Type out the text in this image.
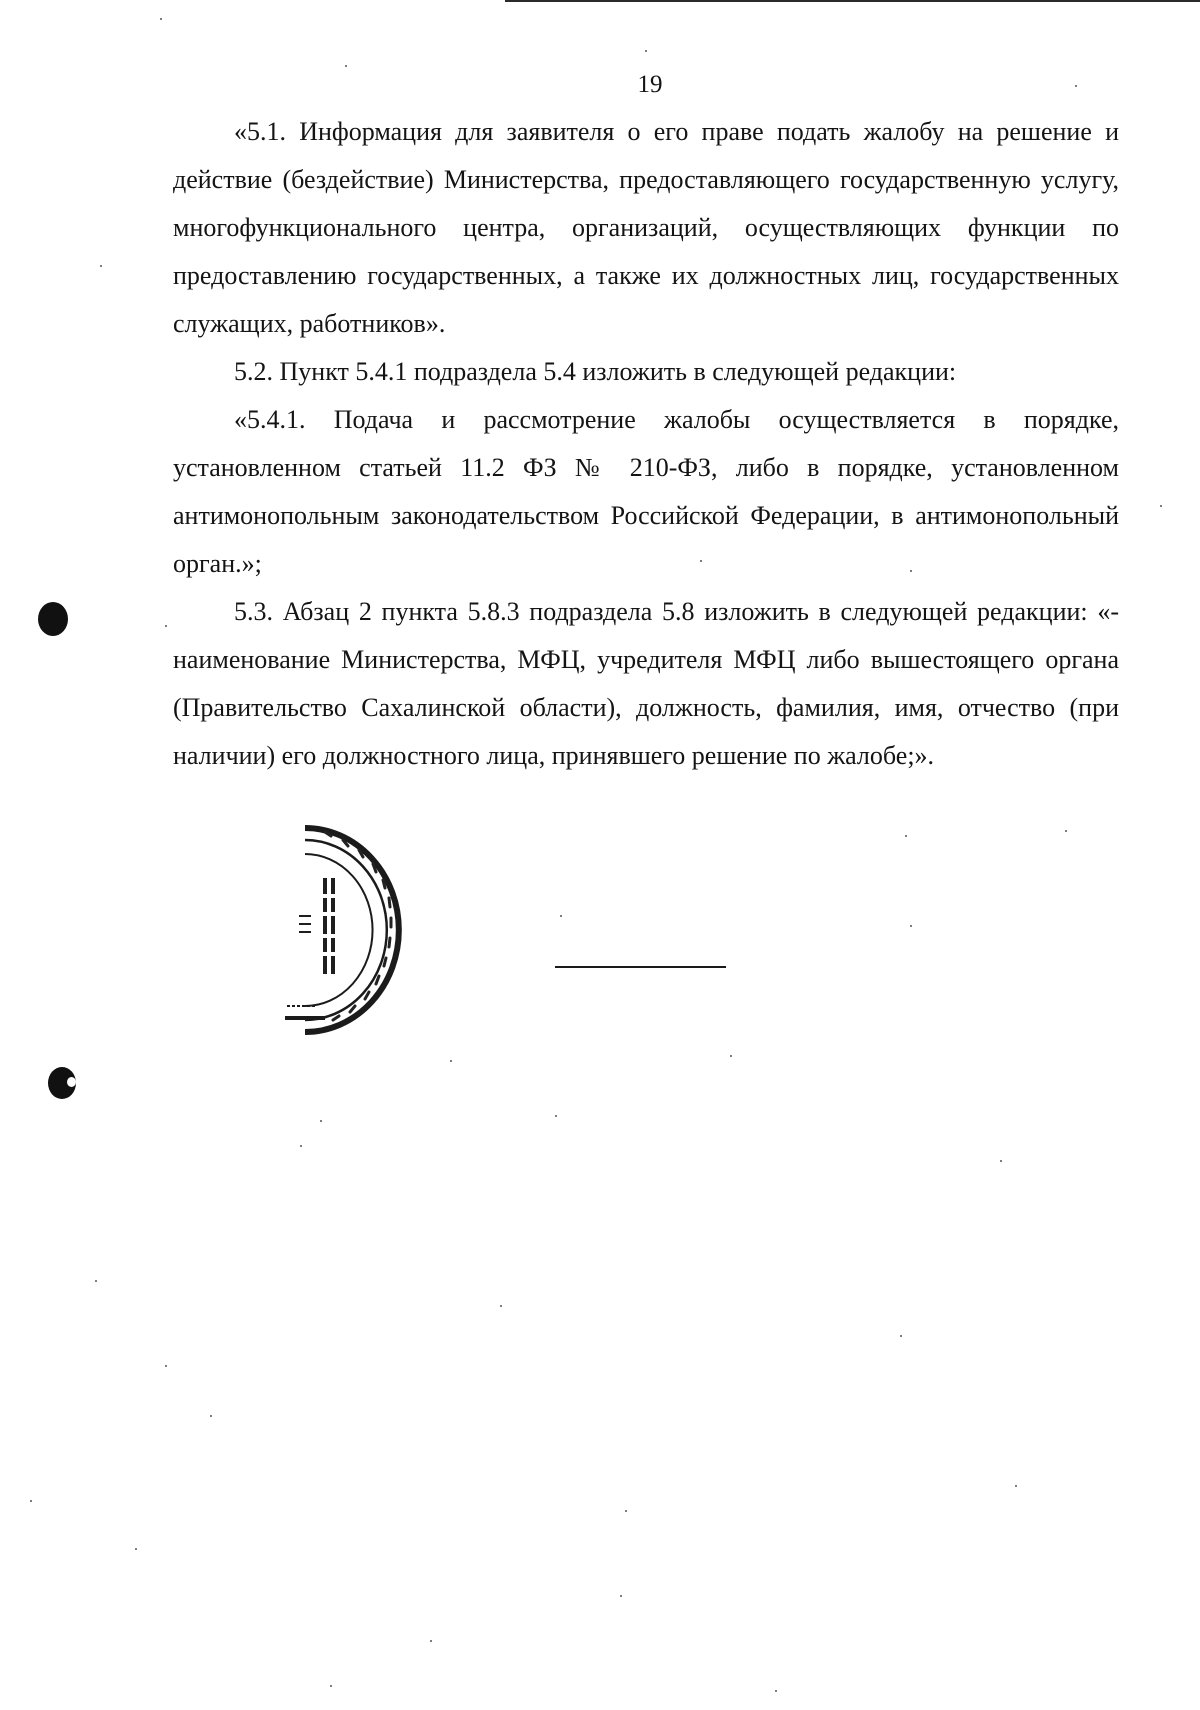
19

«5.1. Информация для заявителя о его праве подать жалобу на решение и действие (бездействие) Министерства, предоставляющего государственную услугу, многофункционального центра, организаций, осуществляющих функции по предоставлению государственных, а также их должностных лиц, государственных служащих, работников».

5.2. Пункт 5.4.1 подраздела 5.4 изложить в следующей редакции:

«5.4.1. Подача и рассмотрение жалобы осуществляется в порядке, установленном статьей 11.2 ФЗ № 210-ФЗ, либо в порядке, установленном антимонопольным законодательством Российской Федерации, в антимонопольный орган.»;

5.3. Абзац 2 пункта 5.8.3 подраздела 5.8 изложить в следующей редакции: «- наименование Министерства, МФЦ, учредителя МФЦ либо вышестоящего органа (Правительство Сахалинской области), должность, фамилия, имя, отчество (при наличии) его должностного лица, принявшего решение по жалобе;».
